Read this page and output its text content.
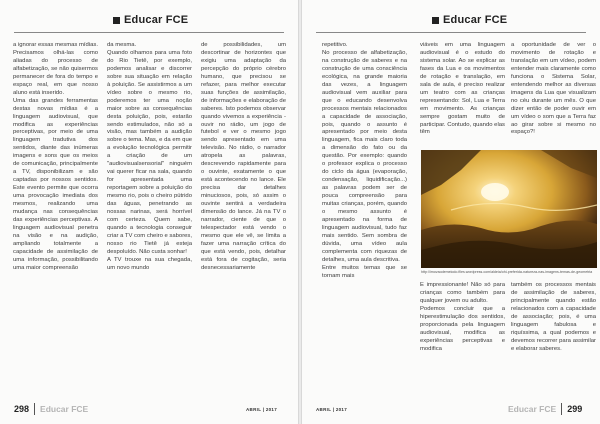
Educar FCE

a ignorar essas mesmas mídias. Precisamos olhá-las como aliadas do processo de alfabetização, se não quisermos permanecer de fora do tempo e espaço real, em que nosso aluno está inserido.
Uma das grandes ferramentas destas novas mídias é a linguagem audiovisual, que modifica as experiências perceptivas, por meio de uma linguagem tradutiva dos sentidos, diante das inúmeras imagens e sons que os meios de comunicação, principalmente a TV, disponibilizam e são captadas por nossos sentidos. Este evento permite que ocorra uma provocação imediata dos mesmos, realizando uma mudança nas consequências das experiências perceptivas. A linguagem audiovisual penetra na visão e na audição, ampliando totalmente a capacidade de assimilação de uma informação, possibilitando uma maior compreensão

da mesma.
Quando olhamos para uma foto do Rio Tietê, por exemplo, podemos analisar e discorrer sobre sua situação em relação à poluição. Se assistirmos a um vídeo sobre o mesmo rio, poderemos ter uma noção maior sobre as consequências desta poluição, pois, estarão sendo estimulados, não só a visão, mas também a audição sobre o tema. Mas, e da em que a evolução tecnológica permitir a criação de um "audiovisualsensorial" ninguém vai querer ficar na sala, quando for apresentada uma reportagem sobre a poluição do mesmo rio, pois o cheiro pútrido das águas, penetrando as nossas narinas, será horrível com certeza. Quem sabe, quando a tecnologia conseguir criar a TV com cheiro e sabores, nosso rio Tietê já esteja despoluído. Não custa sonhar!
A TV trouxe na sua chegada, um novo mundo

de possibilidades, um descortinar de horizontes que exigiu uma adaptação da percepção do próprio cérebro humano, que precisou se refazer, para melhor executar suas funções de assimilação, de informações e elaboração de saberes. Isto podemos observar quando vivemos a experiência - ouvir no rádio, um jogo de futebol e ver o mesmo jogo sendo apresentado em uma televisão. No rádio, o narrador atropela as palavras, descrevendo rapidamente para o ouvinte, exatamente o que está acontecendo no lance. Ele precisa dar detalhes minuciosos, pois, só assim o ouvinte sentirá a verdadeira dimensão do lance. Já na TV o narrador, ciente de que o telespectador está vendo o mesmo que ele vê, se limita a fazer uma narração crítica do que está vendo, pois, detalhar está fora de cogitação, seria desnecessariamente

298 Educar FCE	ABRIL | 2017
Educar FCE

repetitivo.
No processo de alfabetização, na construção de saberes e na construção de uma consciência ecológica, na grande maioria das vezes, a linguagem audiovisual vem auxiliar para que o educando desenvolva processos mentais relacionados a capacidade de associação, pois, quando o assunto é apresentado por meio desta linguagem, fica mais claro toda a dimensão do fato ou da questão. Por exemplo: quando o professor explica o processo do ciclo da água (evaporação, condensação, liquidificação...) as palavras podem ser de pouca compreensão para muitas crianças, porém, quando o mesmo assunto é apresentado na forma de linguagem audiovisual, tudo faz mais sentido. Sem sombra de dúvida, uma vídeo aula complementa com riquezas de detalhes, uma aula descritiva.
Entre muitos temas que se tornam mais

viáveis em uma linguagem audiovisual é o estudo do sistema solar. Ao se explicar as fases da Lua e os movimentos de rotação e translação, em sala de aula, é preciso realizar um teatro com as crianças representando: Sol, Lua e Terra em movimento. As crianças sempre gostam muito de participar. Contudo, quando elas têm

a oportunidade de ver o movimento de rotação e translação em um vídeo, podem entender mais claramente como funciona o Sistema Solar, entendendo melhor as diversas imagens da Lua que visualizam no céu durante um mês. O que dizer então de poder ouvir em um vídeo o som que a Terra faz ao girar sobre si mesmo no espaço?!

http://imovaodemeiodo.files.wordpress.com/aldeia/ohi-preferida-natureza-nas-imagens-temas-de-geometria

É impressionante! Não só para crianças como também para qualquer jovem ou adulto.
Podemos concluir que a hiperestimulação dos sentidos, proporcionada pela linguagem audiovisual, modifica as experiências perceptivas e modifica

também os processos mentais de assimilação de saberes, principalmente quando estão relacionados com a capacidade de associação; pois, é uma linguagem fabulosa e riquíssima, a qual podemos e devemos recorrer para assimilar e elaborar saberes.

ABRIL | 2017	Educar FCE 299
